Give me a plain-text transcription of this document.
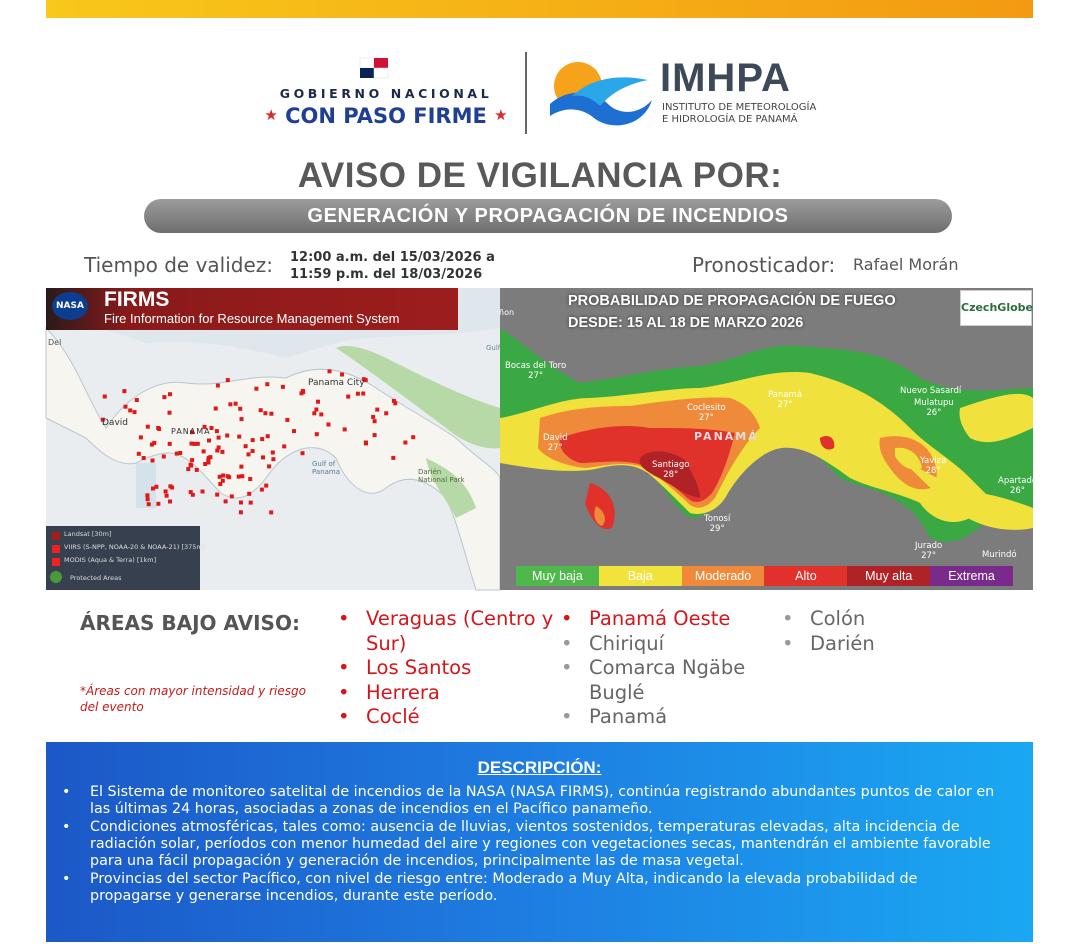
GOBIERNO NACIONAL
★ CON PASO FIRME ★
IMHPA
INSTITUTO DE METEOROLOGÍA
E HIDROLOGÍA DE PANAMÁ
AVISO DE VIGILANCIA POR:
GENERACIÓN Y PROPAGACIÓN DE INCENDIOS
Tiempo de validez: 12:00 a.m. del 15/03/2026 a
11:59 p.m. del 18/03/2026	Pronosticador: Rafael Morán
NASA FIRMS
Fire Information for Resource Management System
Del
Gulf
David
PANAMA
Panama City
Gulf of Panama	Darién National Park
Landsat [30m]
VIIRS (S-NPP, NOAA-20 & NOAA-21) [375m]
MODIS (Aqua & Terra) [1km]
Protected Areas
PROBABILIDAD DE PROPAGACIÓN DE FUEGO
DESDE: 15 AL 18 DE MARZO 2026
CzechGlobe
ñon
PANAMÁ
Bocas del Toro
27°
Coclesito
27°
Panamá
27°
Nuevo Sasardí
Mulatupu
26°
David
27°
Santiago
28°
Yaviza
28°
Apartadó
26°
Tonosí
29°
Jurado
27°	Murindó
Muy baja	Baja	Moderado	Alto	Muy alta	Extrema
ÁREAS BAJO AVISO:
*Áreas con mayor intensidad y riesgo del evento
• Veraguas (Centro y Sur)
• Los Santos
• Herrera
• Coclé
• Panamá Oeste
• Chiriquí
• Comarca Ngäbe Buglé
• Panamá
• Colón
• Darién
DESCRIPCIÓN:
• El Sistema de monitoreo satelital de incendios de la NASA (NASA FIRMS), continúa registrando abundantes puntos de calor en las últimas 24 horas, asociadas a zonas de incendios en el Pacífico panameño.
• Condiciones atmosféricas, tales como: ausencia de lluvias, vientos sostenidos, temperaturas elevadas, alta incidencia de radiación solar, períodos con menor humedad del aire y regiones con vegetaciones secas, mantendrán el ambiente favorable para una fácil propagación y generación de incendios, principalmente las de masa vegetal.
• Provincias del sector Pacífico, con nivel de riesgo entre: Moderado a Muy Alta, indicando la elevada probabilidad de propagarse y generarse incendios, durante este período.
